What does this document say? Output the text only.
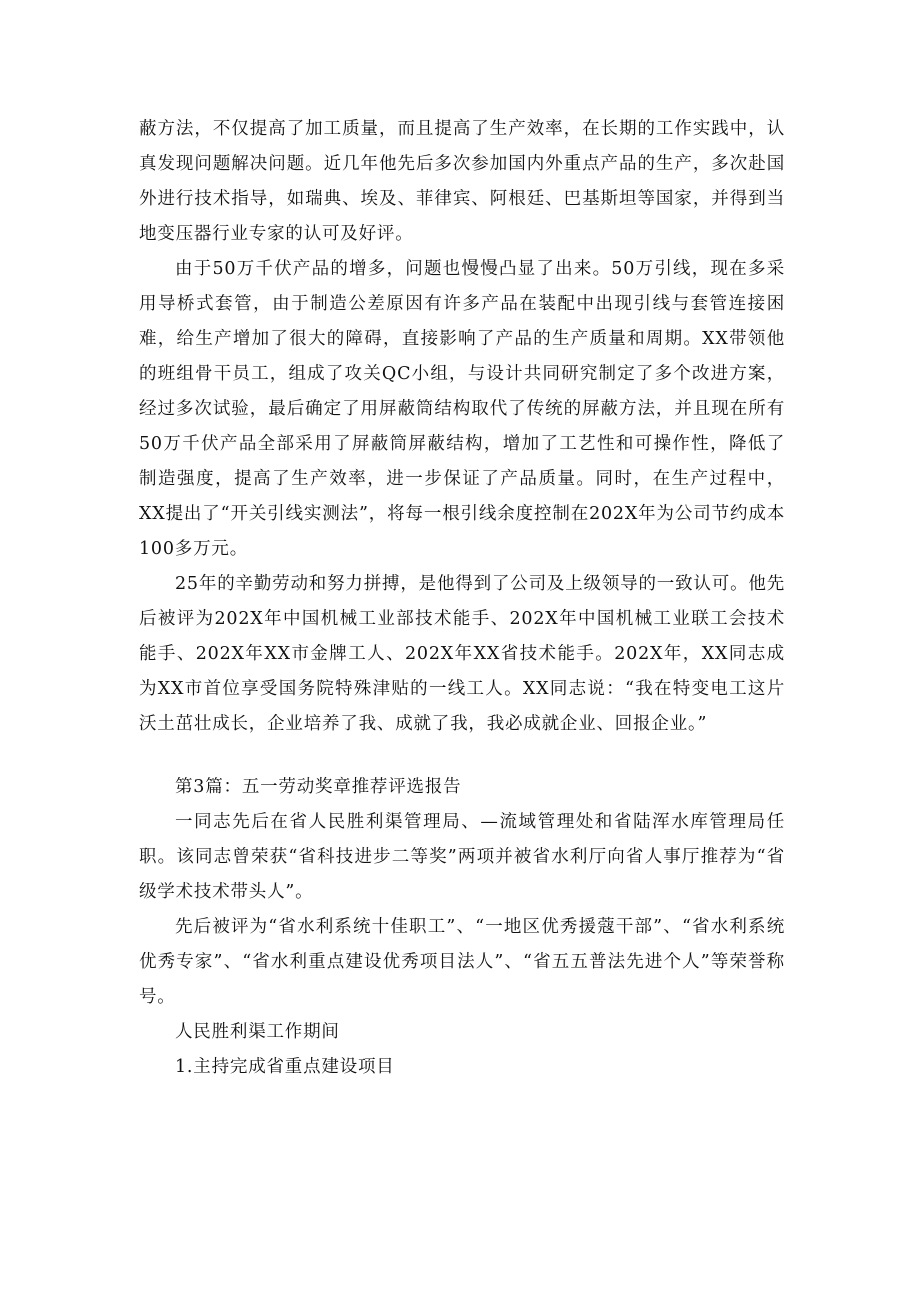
蔽方法，不仅提高了加工质量，而且提高了生产效率，在长期的工作实践中，认真发现问题解决问题。近几年他先后多次参加国内外重点产品的生产，多次赴国外进行技术指导，如瑞典、埃及、菲律宾、阿根廷、巴基斯坦等国家，并得到当地变压器行业专家的认可及好评。

由于50万千伏产品的增多，问题也慢慢凸显了出来。50万引线，现在多采用导桥式套管，由于制造公差原因有许多产品在装配中出现引线与套管连接困难，给生产增加了很大的障碍，直接影响了产品的生产质量和周期。XX带领他的班组骨干员工，组成了攻关QC小组，与设计共同研究制定了多个改进方案，经过多次试验，最后确定了用屏蔽筒结构取代了传统的屏蔽方法，并且现在所有50万千伏产品全部采用了屏蔽筒屏蔽结构，增加了工艺性和可操作性，降低了制造强度，提高了生产效率，进一步保证了产品质量。同时，在生产过程中，XX提出了“开关引线实测法”，将每一根引线余度控制在202X年为公司节约成本100多万元。

25年的辛勤劳动和努力拼搏，是他得到了公司及上级领导的一致认可。他先后被评为202X年中国机械工业部技术能手、202X年中国机械工业联工会技术能手、202X年XX市金牌工人、202X年XX省技术能手。202X年，XX同志成为XX市首位享受国务院特殊津贴的一线工人。XX同志说：“我在特变电工这片沃土茁壮成长，企业培养了我、成就了我，我必成就企业、回报企业。”

第3篇：五一劳动奖章推荐评选报告

一同志先后在省人民胜利渠管理局、—流域管理处和省陆浑水库管理局任职。该同志曾荣获“省科技进步二等奖”两项并被省水利厅向省人事厅推荐为“省级学术技术带头人”。

先后被评为“省水利系统十佳职工”、“一地区优秀援蔻干部”、“省水利系统优秀专家”、“省水利重点建设优秀项目法人”、“省五五普法先进个人”等荣誉称号。

人民胜利渠工作期间

1.主持完成省重点建设项目
